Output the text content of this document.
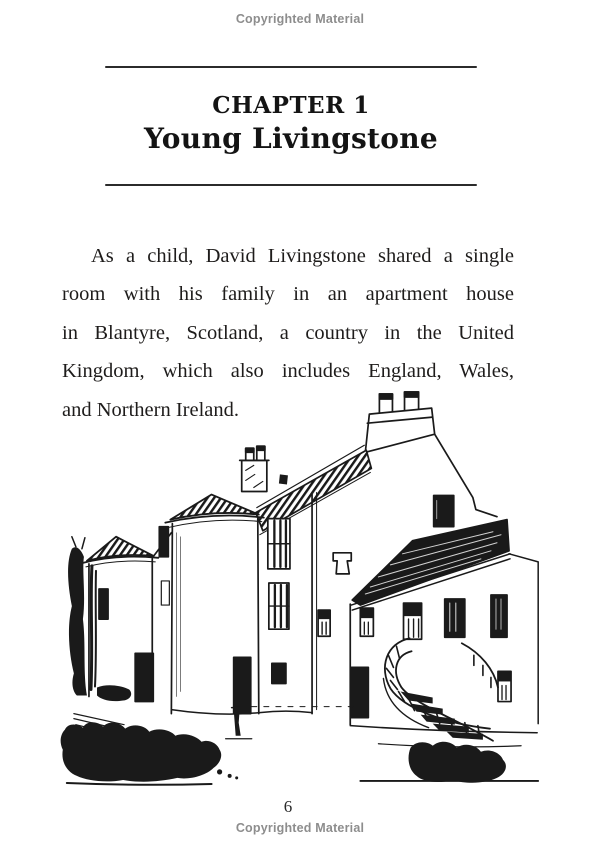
Copyrighted Material
CHAPTER 1
Young Livingstone
As a child, David Livingstone shared a single
room with his family in an apartment house
in Blantyre, Scotland, a country in the United
Kingdom, which also includes England, Wales,
and Northern Ireland.
6
Copyrighted Material
